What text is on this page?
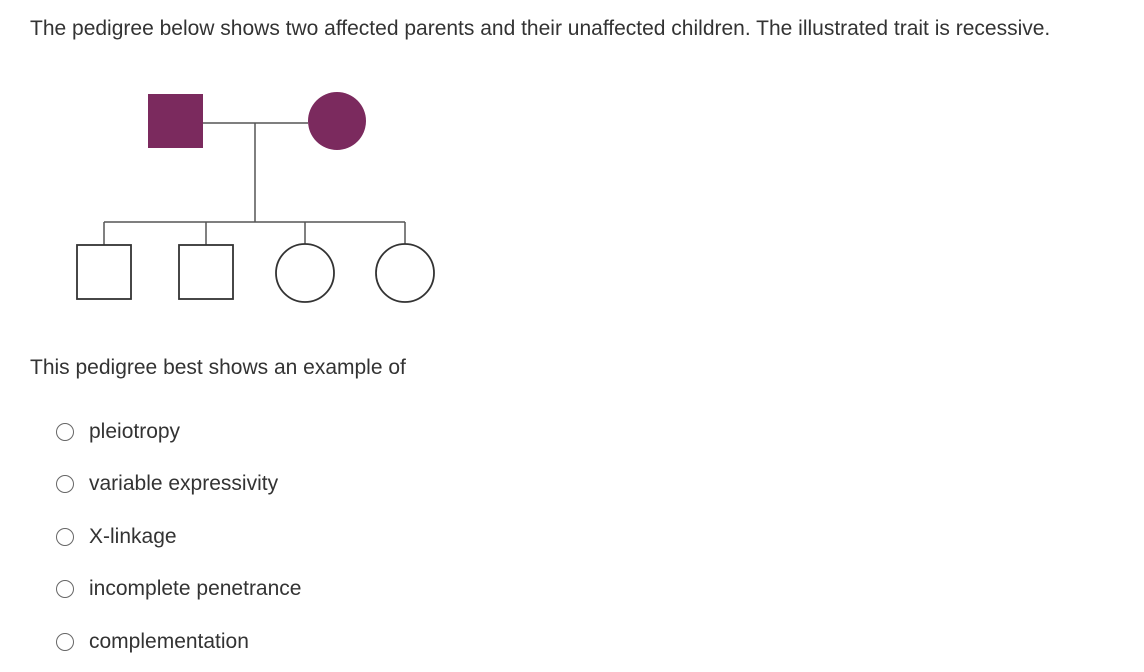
The pedigree below shows two affected parents and their unaffected children. The illustrated trait is recessive.
This pedigree best shows an example of
pleiotropy
variable expressivity
X-linkage
incomplete penetrance
complementation
